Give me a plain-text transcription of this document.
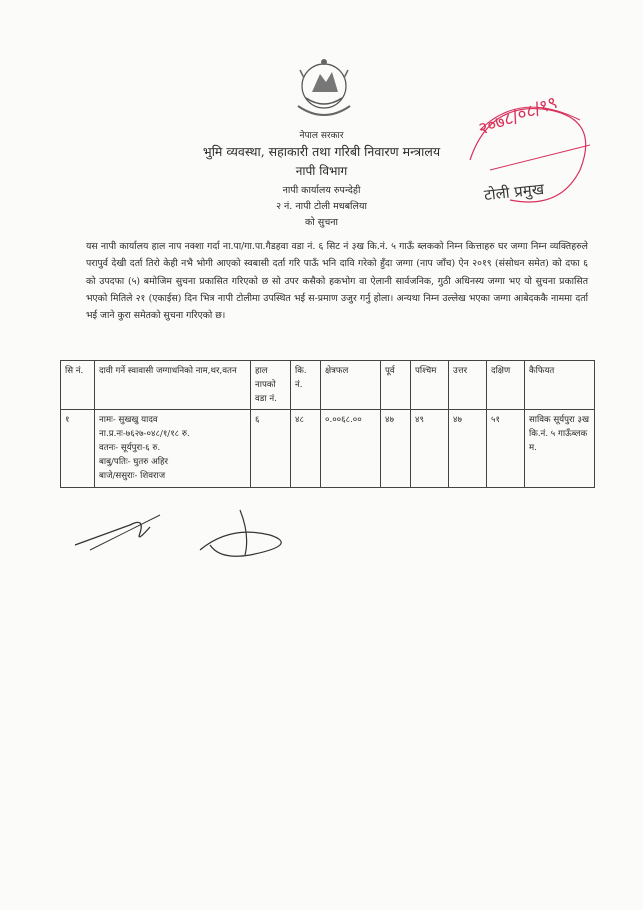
नेपाल सरकार
भुमि व्यवस्था, सहाकारी तथा गरिबी निवारण मन्त्रालय
नापी विभाग
नापी कार्यालय रुपन्देही
२ नं. नापी टोली मधबलिया
को सुचना
२०७८/०८/१९
टोली प्रमुख
यस नापी कार्यालय हाल नाप नक्शा गर्दा ना.पा/गा.पा.गैडहवा वडा नं. ६ सिट नं ३ख कि.नं. ५ गाऊँ ब्लकको निम्न कित्ताहरु घर जग्गा निम्न व्यक्तिहरुले परापुर्व देखी दर्ता तिरो केही नभै भोगी आएको स्वबासी दर्ता गरि पाऊँ भनि दावि गरेको हुँदा जग्गा (नाप जाँच) ऐन २०१९ (संसोधन समेत) को दफा ६ को उपदफा (५) बमोजिम सुचना प्रकासित गरिएको छ सो उपर कसैको हकभोग वा ऐलानी सार्वजनिक, गुठी अधिनस्य जग्गा भए यो सुचना प्रकासित भएको मितिले २१ (एकाईस) दिन भित्र नापी टोलीमा उपस्थित भई स-प्रमाण उजुर गर्नु होला। अन्यथा निम्न उल्लेख भएका जग्गा आबेदककै नाममा दर्ता भई जाने कुरा समेतको सुचना गरिएको छ।
सि नं.	दावी गर्ने स्वावासी जग्गाधनिको नाम,थर,वतन	हाल नापको वडा नं.	कि. नं.	क्षेत्रफल	पूर्व	पश्चिम	उत्तर	दक्षिण	कैफियत
१	नामः- सुखखु यादव
ना.प्र.नः-७६२७-०४८/१/१८ रु.
वतनः- सूर्यपुरा-६ रु.
बाबु/पतिः- घुतरु अहिर
बाजे/ससुराः- शिवराज	६	४८	०.००६८.००	४७	४९	४७	५१	साविक सूर्यपुरा ३ख कि.नं. ५ गाऊँब्लक म.
